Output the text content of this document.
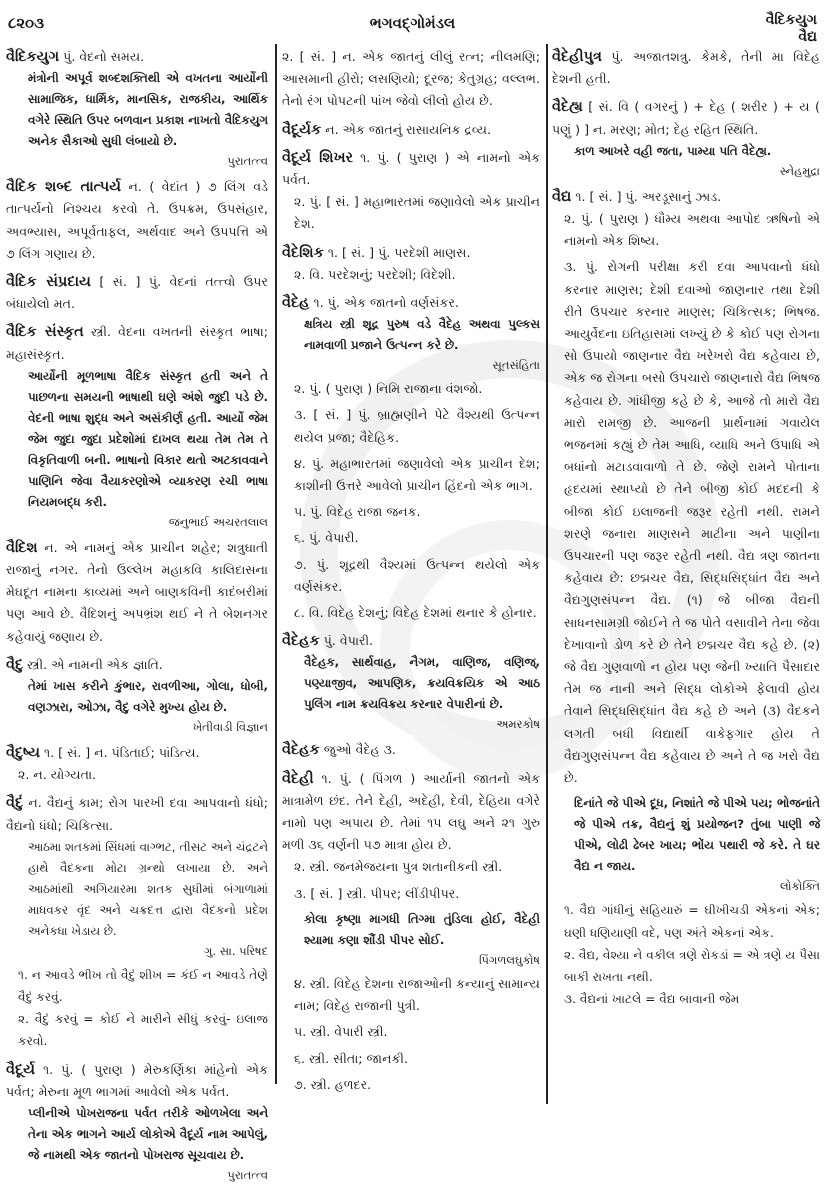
૮૨૦૩	ભગવદ્ગોમંડલ	વૈદિકયુગ
વૈદ્ય
વૈદિકયુગ પું. વેદનો સમય.
મંત્રોની અપૂર્વ શબ્દશક્તિથી એ વખતના આર્યોની સામાજિક, ધાર્મિક, માનસિક, રાજકીય, આર્થિક વગેરે સ્થિતિ ઉપર બળવાન પ્રકાશ નાખતો વૈદિકયુગ અનેક સૈકાઓ સુધી લંબાયો છે.
પુરાતત્ત્વ
વૈદિક શબ્દ તાત્પર્ય ન. ( વેદાંત ) ૭ લિંગ વડે તાત્પર્યનો નિશ્ચય કરવો તે. ઉપક્રમ, ઉપસંહાર, અવભ્યાસ, અપૂર્વતાફલ, અર્થવાદ અને ઉપપત્તિ એ ૭ લિંગ ગણાય છે.
વૈદિક સંપ્રદાય [ સં. ] પું. વેદનાં તત્ત્વો ઉપર બંધાયેલો મત.
વૈદિક સંસ્કૃત સ્ત્રી. વેદના વખતની સંસ્કૃત ભાષા; મહાસંસ્કૃત.
આર્યોની મૂળભાષા વૈદિક સંસ્કૃત હતી અને તે પાછળના સમયની ભાષાથી ઘણે અંશે જુદી પડે છે. વેદની ભાષા શુદ્ધ અને અસંકીર્ણ હતી. આર્યો જેમ જેમ જુદા જુદા પ્રદેશોમાં દાખલ થયા તેમ તેમ તે વિકૃતિવાળી બની. ભાષાનો વિકાર થતો અટકાવવાને પાણિનિ જેવા વૈયાકરણોએ વ્યાકરણ રચી ભાષા નિયમબદ્ધ કરી.
જનુભાઈ અચરતલાલ
વૈદિશ ન. એ નામનું એક પ્રાચીન શહેર; શત્રુઘાતી રાજાનું નગર. તેનો ઉલ્લેખ મહાકવિ કાલિદાસના મેઘદૂત નામના કાવ્યમાં અને બાણકવિની કાદંબરીમાં પણ આવે છે. વૈદિશનું અપભ્રંશ થઈ ને તે બેશનગર કહેવાયું જણાય છે.
વૈદુ સ્ત્રી. એ નામની એક જ્ઞાતિ.
તેમાં ખાસ કરીને કુંભાર, રાવળીઆ, ગોલા, ધોબી, વણઝારા, ઓઝા, વૈદુ વગેરે મુખ્ય હોય છે.
ખેતીવાડી વિજ્ઞાન
વૈદુષ્ય ૧. [ સં. ] ન. પંડિતાઈ; પાંડિત્ય.
૨. ન. યોગ્યતા.
વૈદું ન. વૈદ્યનું કામ; રોગ પારખી દવા આપવાનો ધંધો; વૈદ્યનો ધંધો; ચિકિત્સા.
આઠમા શતકમાં સિંધમાં વાગ્ભટ, તીસટ અને ચંદ્રટને હાથે વૈદકના મોટા ગ્રન્થો લખાયા છે. અને આઠમાંથી અગિયારમા શતક સુધીમાં બંગાળામાં માધવકર વૃંદ અને ચક્રદત્ત દ્વારા વૈદકનો પ્રદેશ અનેકધા ખેડાય છે.
ગુ. સા. પરિષદ
૧. ન આવડે ભીખ તો વૈદું શીખ = કંઈ ન આવડે તેણે વૈદું કરવું.
૨. વૈદું કરવું = કોઈ ને મારીને સીધું કરવું- ઇલાજ કરવો.
વૈદૂર્ય ૧. પું. ( પુરાણ ) મેરુકર્ણિકા માંહેનો એક પર્વત; મેરુના મૂળ ભાગમાં આવેલો એક પર્વત.
પ્લીનીએ પોખરાજના પર્વત તરીકે ઓળખેલા અને તેના એક ભાગને આર્ય લોકોએ વૈદૂર્ય નામ આપેલું, જે નામથી એક જાતનો પોખરાજ સૂચવાય છે.
પુરાતત્ત્વ
૨. [ સં. ] ન. એક જાતનું લીલું રત્ન; નીલમણિ; આસમાની હીરો; લસણિયો; દૂરજ; કેતુગ્રહ; વલ્લભ. તેનો રંગ પોપટની પાંખ જેવો લીલો હોય છે.
વૈદૂર્યક ન. એક જાતનું રાસાયનિક દ્રવ્ય.
વૈદૂર્ય શિખર ૧. પું. ( પુરાણ ) એ નામનો એક પર્વત.
૨. પું. [ સં. ] મહાભારતમાં જણાવેલો એક પ્રાચીન દેશ.
વૈદેશિક ૧. [ સં. ] પું. પરદેશી માણસ.
૨. વિ. પરદેશનું; પરદેશી; વિદેશી.
વૈદેહ ૧. પું. એક જાતનો વર્ણસંકર.
ક્ષત્રિય સ્ત્રી શૂદ્ર પુરુષ વડે વૈદેહ અથવા પુલ્કસ નામવાળી પ્રજાને ઉત્પન્ન કરે છે.
સૂતસંહિતા
૨. પું. ( પુરાણ ) નિમિ રાજાના વંશજો.
૩. [ સં. ] પું. બ્રાહ્મણીને પેટે વૈશ્યથી ઉત્પન્ન થયેલ પ્રજા; વૈદેહિક.
૪. પું. મહાભારતમાં જણાવેલો એક પ્રાચીન દેશ; કાશીની ઉત્તરે આવેલો પ્રાચીન હિંદનો એક ભાગ.
૫. પું. વિદેહ રાજા જનક.
૬. પું. વેપારી.
૭. પું. શૂદ્રથી વૈશ્યમાં ઉત્પન્ન થયેલો એક વર્ણસંકર.
૮. વિ. વિદેહ દેશનું; વિદેહ દેશમાં થનાર કે હોનાર.
વૈદેહક પું. વેપારી.
વૈદેહક, સાર્થવાહ, નૈગમ, વાણિજ, વણિજ્, પણ્યાજીવ, આપણિક, ક્રયવિક્રયિક એ આઠ પુલિંગ નામ ક્રયવિક્રય કરનાર વેપારીનાં છે.
અમરકોષ
વૈદેહક જુઓ વૈદેહ ૩.
વૈદેહી ૧. પું. ( પિંગળ ) આર્યાની જાતનો એક માત્રામેળ છંદ. તેને દેહી, અદેહી, દેવી, દેહિયા વગેરે નામો પણ અપાય છે. તેમાં ૧૫ લઘુ અને ૨૧ ગુરુ મળી ૩૬ વર્ણની ૫૭ માત્રા હોય છે.
૨. સ્ત્રી. જનમેજયના પુત્ર શતાનીકની સ્ત્રી.
૩. [ સં. ] સ્ત્રી. પીપર; લીંડીપીપર.
કોલા કૃષ્ણા માગધી તિગ્મા તુંડિલા હોઈ, વૈદેહી શ્યામા કણા શૌંડી પીપર સોઈ.
પિંગળલઘુકોષ
૪. સ્ત્રી. વિદેહ દેશના રાજાઓની કન્યાનું સામાન્ય નામ; વિદેહ રાજાની પુત્રી.
૫. સ્ત્રી. વેપારી સ્ત્રી.
૬. સ્ત્રી. સીતા; જાનકી.
૭. સ્ત્રી. હળદર.
વૈદેહીપુત્ર પું. અજાતશત્રુ. કેમકે, તેની મા વિદેહ દેશની હતી.
વૈદેહ્ય [ સં. વિ ( વગરનું ) + દેહ ( શરીર ) + ય ( પણું ) ] ન. મરણ; મોત; દેહ રહિત સ્થિતિ.
કાળ આખરે વહી જતા, પામ્યા પતિ વૈદેહ્ય.
સ્નેહમુદ્રા
વૈદ્ય ૧. [ સં. ] પું. અરડૂસાનું ઝાડ.
૨. પું. ( પુરાણ ) ધૌમ્ય અથવા આપોદ ઋષિનો એ નામનો એક શિષ્ય.
૩. પું. રોગની પરીક્ષા કરી દવા આપવાનો ધંધો કરનાર માણસ; દેશી દવાઓ જાણનાર તથા દેશી રીતે ઉપચાર કરનાર માણસ; ચિકિત્સક; ભિષજ. આયુર્વેદના ઇતિહાસમાં લખ્યું છે કે કોઈ પણ રોગના સો ઉપાયો જાણનાર વૈદ્ય ખરેખરો વૈદ્ય કહેવાય છે, એક જ રોગના બસો ઉપચારો જાણનારો વૈદ્ય ભિષજ કહેવાય છે. ગાંધીજી કહે છે કે, આજે તો મારો વૈદ્ય મારો રામજી છે. આજની પ્રાર્થનામાં ગવાયેલ ભજનમાં કહ્યું છે તેમ આધિ, વ્યાધિ અને ઉપાધિ એ બધાંનો મટાડવાવાળો તે છે. જેણે રામને પોતાના હૃદયમાં સ્થાપ્યો છે તેને બીજી કોઈ મદદની કે બીજા કોઈ ઇલાજની જરૂર રહેતી નથી. રામને શરણે જનારા માણસને માટીના અને પાણીના ઉપચારની પણ જરૂર રહેતી નથી. વૈદ્ય ત્રણ જાતના કહેવાય છે: છદ્મચર વૈદ્ય, સિદ્ધસિદ્ધાંત વૈદ્ય અને વૈદ્યગુણસંપન્ન વૈદ્ય. (૧) જે બીજા વૈદ્યની સાધનસામગ્રી જોઈને તે જ પોતે વસાવીને તેના જેવા દેખાવાનો ડોળ કરે છે તેને છદ્મચર વૈદ્ય કહે છે. (૨) જે વૈદ્ય ગુણવાળો ન હોય પણ જેની ખ્યાતિ પૈસાદાર તેમ જ નાની અને સિદ્ધ લોકોએ ફેલાવી હોય તેવાને સિદ્ધસિદ્ધાંત વૈદ્ય કહે છે અને (૩) વૈદકને લગતી બધી વિદ્યાર્થી વાકેફગાર હોય તે વૈદ્યગુણસંપન્ન વૈદ્ય કહેવાય છે અને તે જ ખરો વૈદ્ય છે.
દિનાંતે જે પીએ દૂધ, નિશાંતે જે પીએ પય; ભોજનાંતે જે પીએ તક્ર, વૈદ્યનું શું પ્રયોજન? તુંબા પાણી જે પીએ, લોઢી ઢેબર ખાય; ભોંય પથારી જે કરે. તે ઘર વૈદ્ય ન જાય.
લોકોક્તિ
૧. વૈદ્ય ગાંધીનું સહિયારું = ઘીખીચડી એકનાં એક; ઘણી ધણિયાણી વદે, પણ અંતે એકનાં એક.
૨. વૈદ્ય, વેશ્યા ને વકીલ ત્રણે રોકડાં = એ ત્રણે ય પૈસા બાકી રાખતા નથી.
૩. વૈદ્યનાં ખાટલે = વૈદ્ય બાવાની જેમ
